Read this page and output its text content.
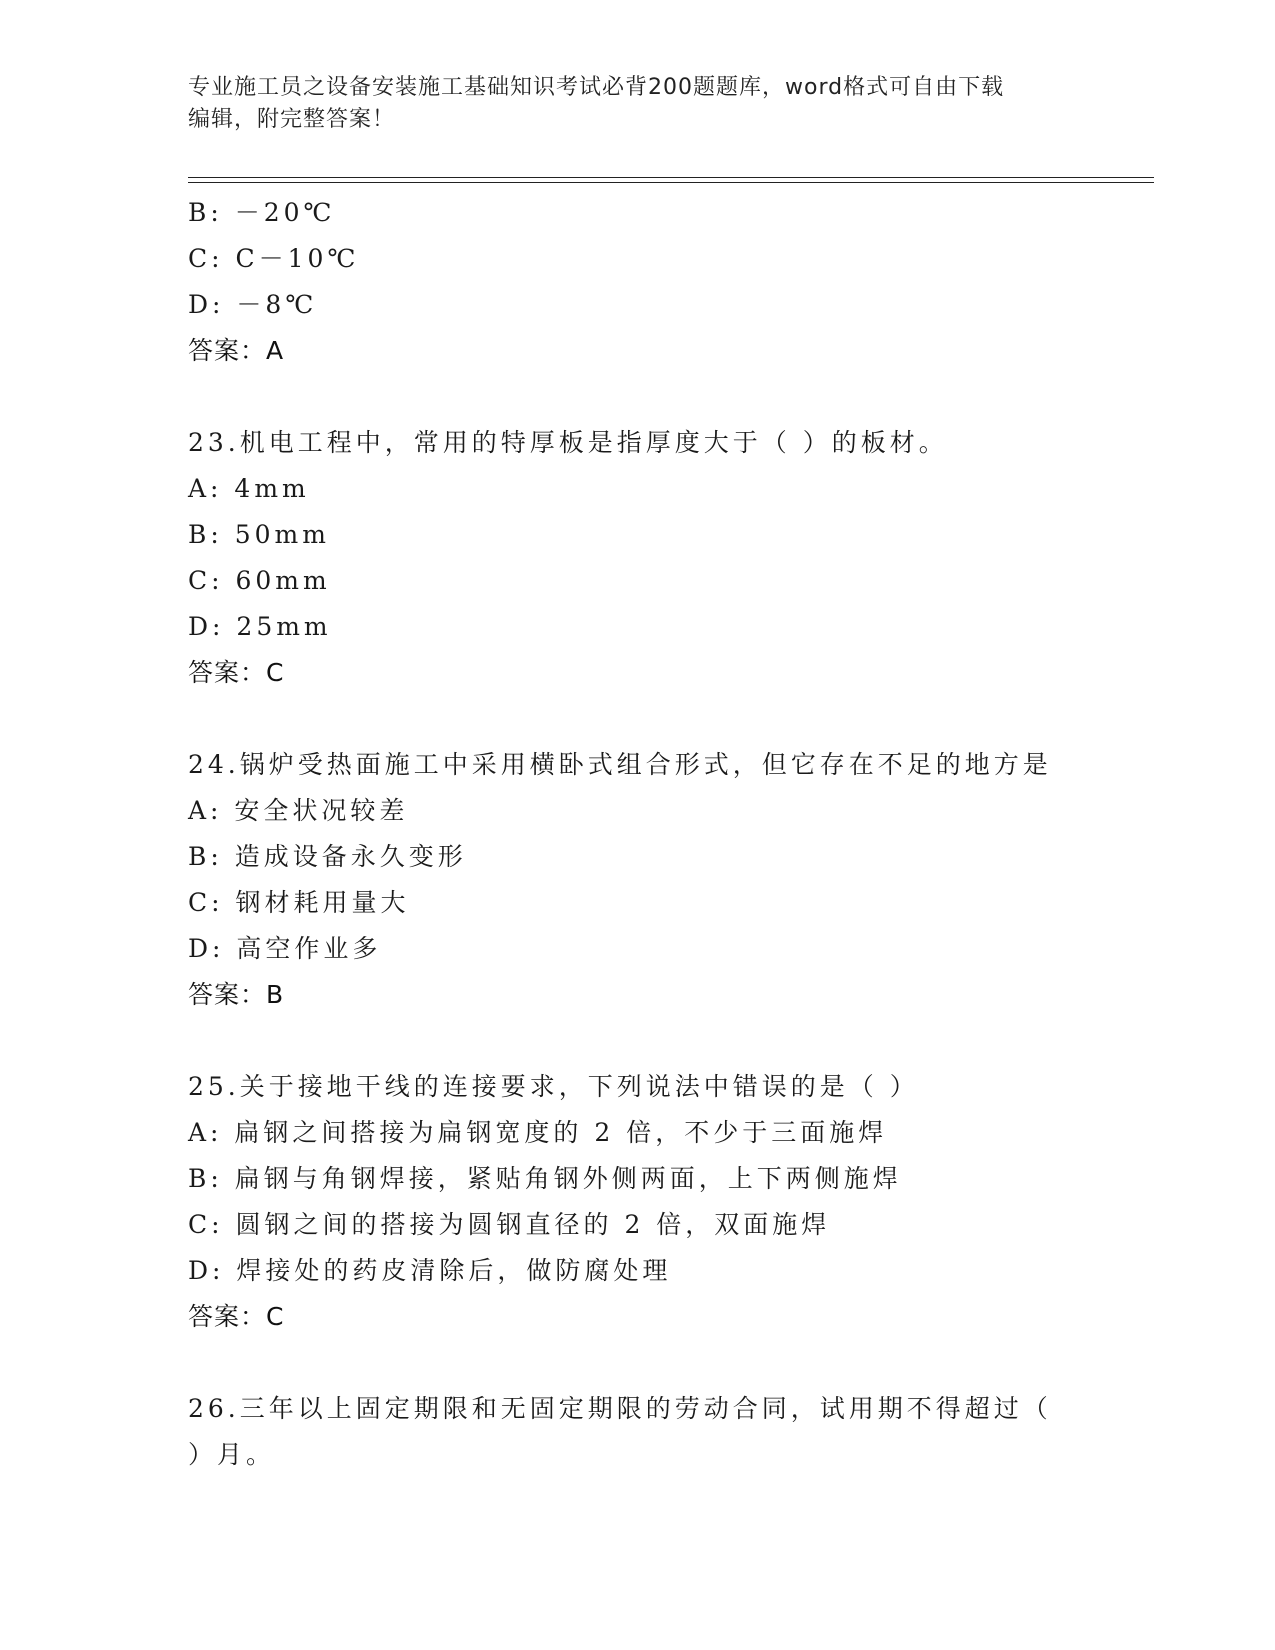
专业施工员之设备安装施工基础知识考试必背200题题库，word格式可自由下载
编辑，附完整答案！
B: －20℃
C: C－10℃
D: －8℃
答案：A
23.机电工程中，常用的特厚板是指厚度大于（ ）的板材。
A: 4mm
B: 50mm
C: 60mm
D: 25mm
答案：C
24.锅炉受热面施工中采用横卧式组合形式，但它存在不足的地方是
A: 安全状况较差
B: 造成设备永久变形
C: 钢材耗用量大
D: 高空作业多
答案：B
25.关于接地干线的连接要求，下列说法中错误的是（ ）
A: 扁钢之间搭接为扁钢宽度的 2 倍，不少于三面施焊
B: 扁钢与角钢焊接，紧贴角钢外侧两面，上下两侧施焊
C: 圆钢之间的搭接为圆钢直径的 2 倍，双面施焊
D: 焊接处的药皮清除后，做防腐处理
答案：C
26.三年以上固定期限和无固定期限的劳动合同，试用期不得超过（
）月。
